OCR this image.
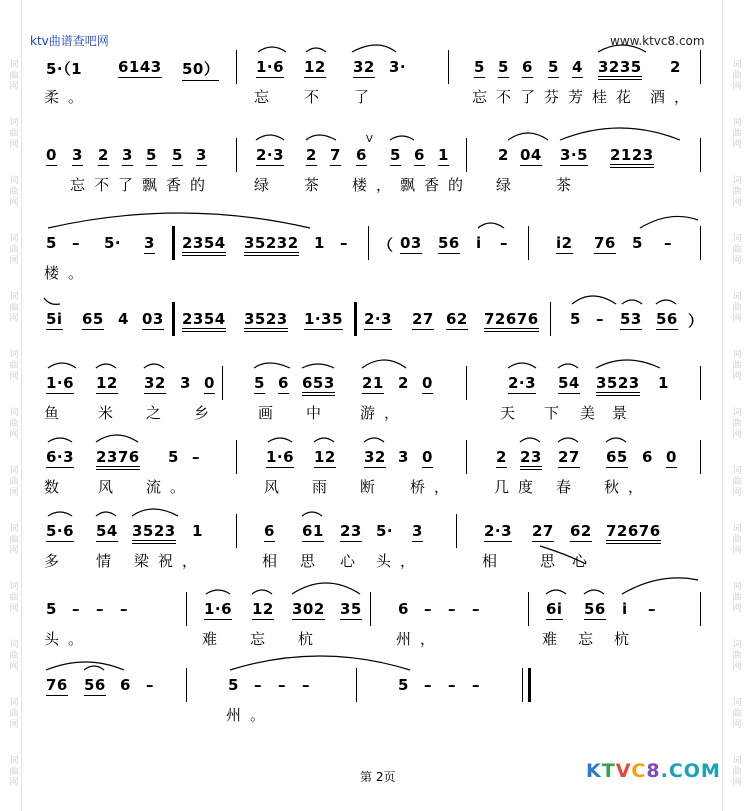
词
曲
网
词
曲
网
词
曲
网
词
曲
网
词
曲
网
词
曲
网
词
曲
网
词
曲
网
词
曲
网
词
曲
网
词
曲
网
词
曲
网
词
曲
网
词
曲
网
词
曲
网
词
曲
网
词
曲
网
词
曲
网
词
曲
网
词
曲
网
词
曲
网
词
曲
网
词
曲
网
词
曲
网
词
曲
网
词
曲
网
ktv曲谱查吧网	www.ktvc8.com
5·（1 6143 50） 1·6 12 32 3·	5 5 6 5 4 3235 2
柔。	忘 不 了	忘不了芬芳桂花 酒，
0 3 2 3 5 5 3	2·3 2 7 6 5 6 1	2 04 3·5 2123
V
忘不了飘香的	绿 茶 楼，飘香的 绿 茶
5 – 5· 3 2354 35232 1 – （ 03 56 i –	i2 76 5 –
楼。
5i 65 4 03 2354 3523 1·35 2·3 27 62 72676 5 – 53 56 ）
1·6 12 32 3 0	5 6 653 21 2 0	2·3 54 3523 1
鱼 米 之 乡	画 中 游，	天 下 美 景
6·3 2376 5 –	1·6 12 32 3 0	2 23 27 65 6 0
数 风 流。	风 雨 断 桥， 几度 春 秋，
5·6 54 3523 1	6 61 23 5· 3	2·3 27 62 72676
多 情 梁祝，	相 思 心 头，	相 思 心
5 – – –	1·6 12 302 35 6 – – –	6i 56 i –
头。	难 忘 杭	州，	难 忘 杭
76 56 6 –	5 – – –	5 – – –
州。
第 2页	KTVC8.COM
